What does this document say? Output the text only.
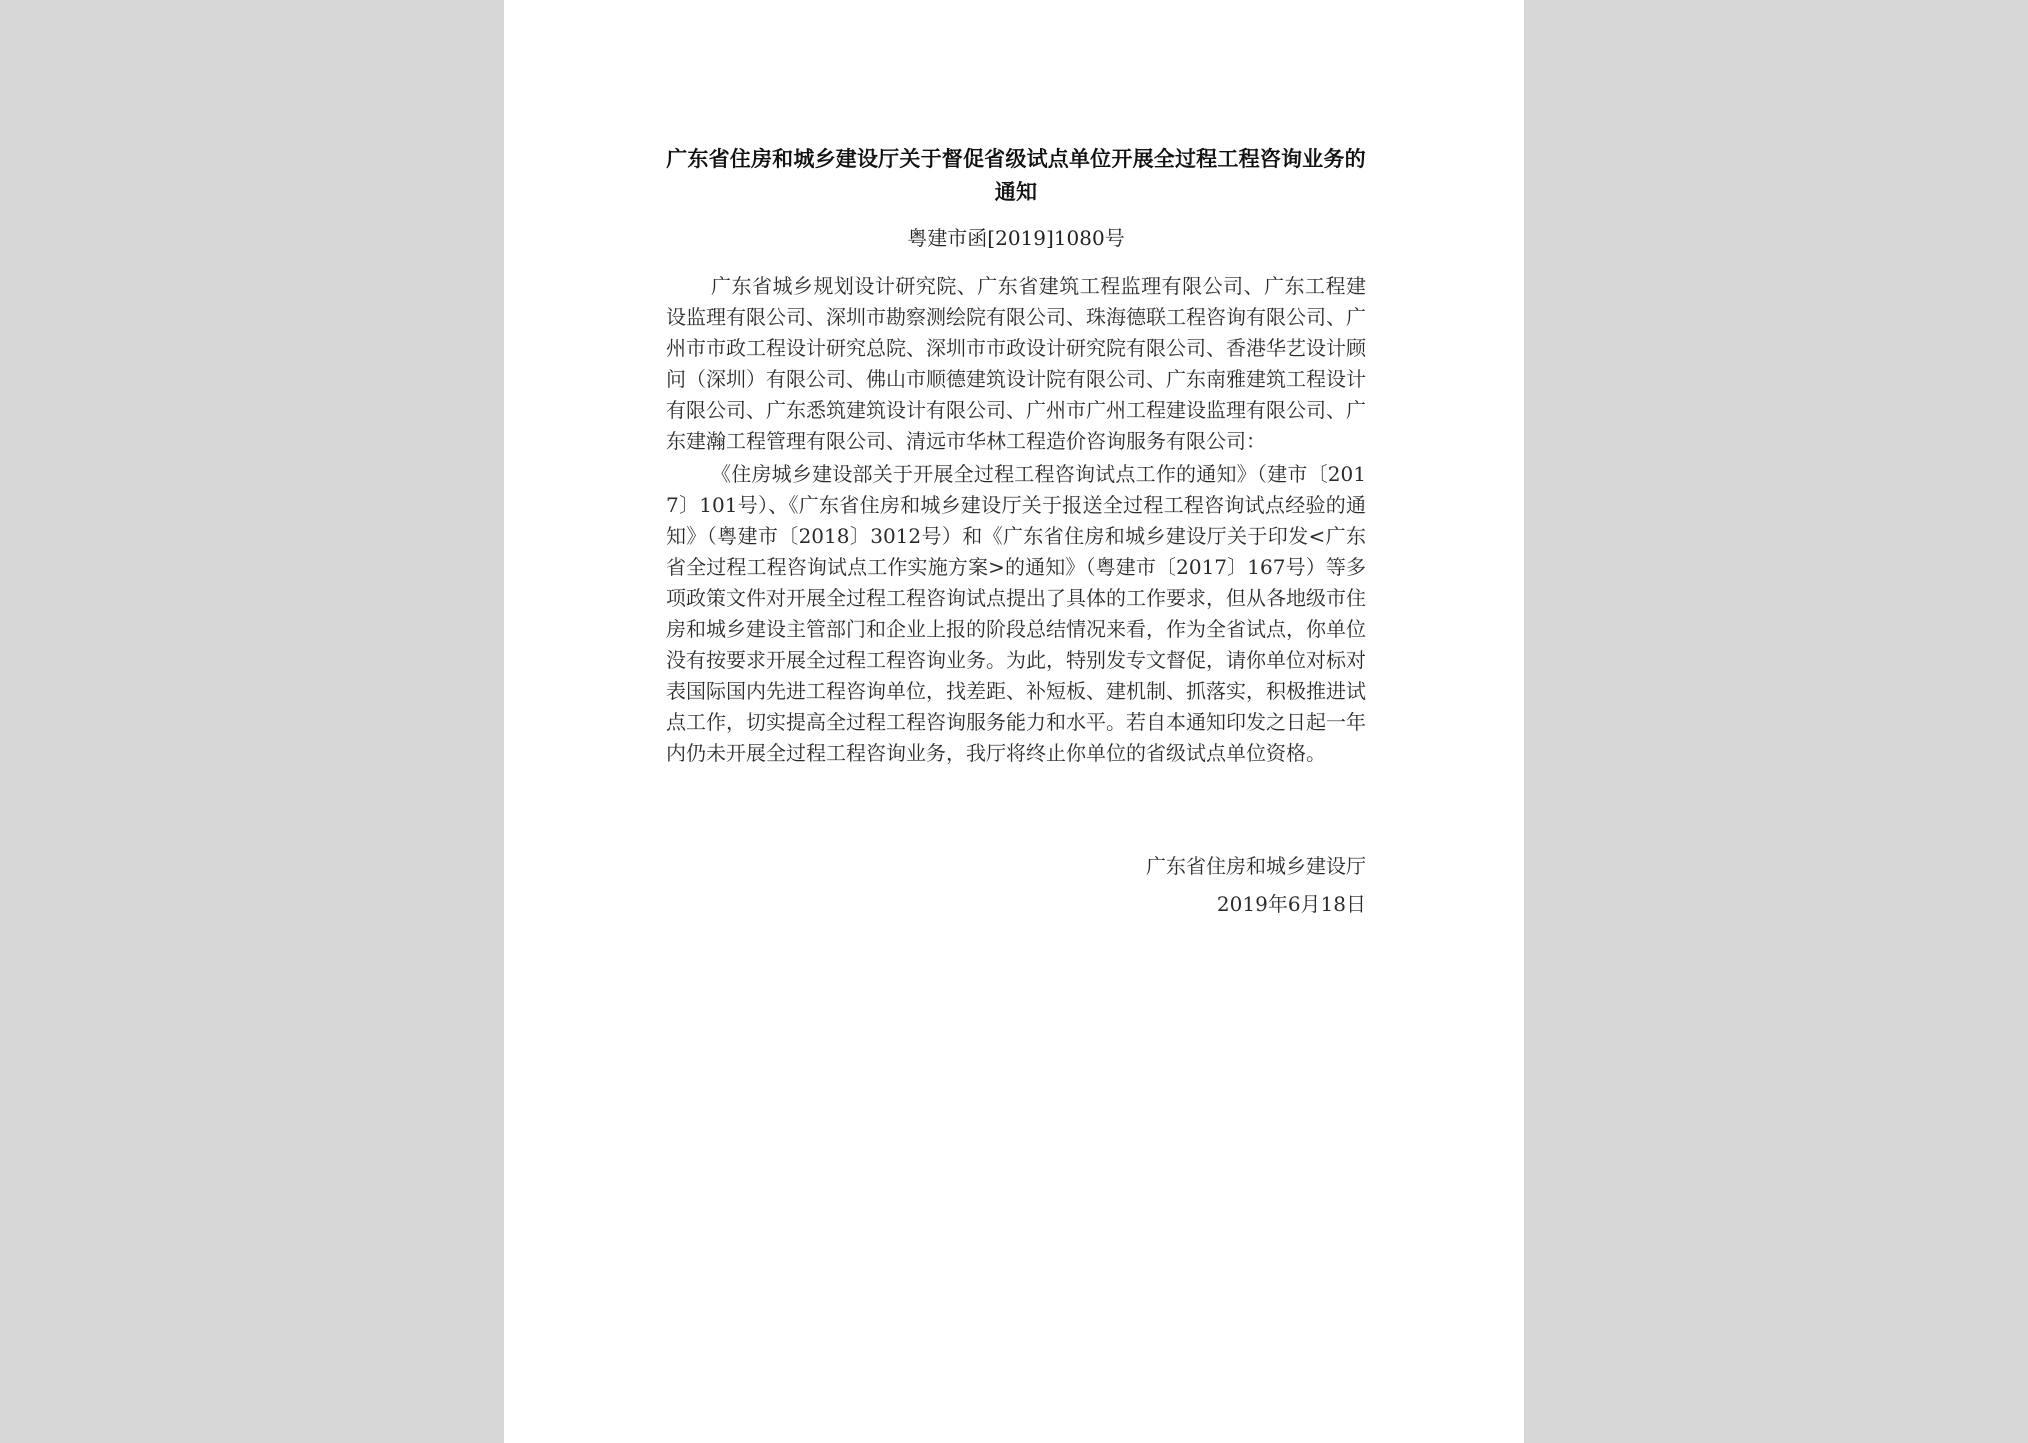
广东省住房和城乡建设厅关于督促省级试点单位开展全过程工程咨询业务的通知
粤建市函[2019]1080号

广东省城乡规划设计研究院、广东省建筑工程监理有限公司、广东工程建设监理有限公司、深圳市勘察测绘院有限公司、珠海德联工程咨询有限公司、广州市市政工程设计研究总院、深圳市市政设计研究院有限公司、香港华艺设计顾问（深圳）有限公司、佛山市顺德建筑设计院有限公司、广东南雅建筑工程设计有限公司、广东悉筑建筑设计有限公司、广州市广州工程建设监理有限公司、广东建瀚工程管理有限公司、清远市华林工程造价咨询服务有限公司：

《住房城乡建设部关于开展全过程工程咨询试点工作的通知》（建市〔2017〕101号）、《广东省住房和城乡建设厅关于报送全过程工程咨询试点经验的通知》（粤建市〔2018〕3012号）和《广东省住房和城乡建设厅关于印发<广东省全过程工程咨询试点工作实施方案>的通知》（粤建市〔2017〕167号）等多项政策文件对开展全过程工程咨询试点提出了具体的工作要求，但从各地级市住房和城乡建设主管部门和企业上报的阶段总结情况来看，作为全省试点，你单位没有按要求开展全过程工程咨询业务。为此，特别发专文督促，请你单位对标对表国际国内先进工程咨询单位，找差距、补短板、建机制、抓落实，积极推进试点工作，切实提高全过程工程咨询服务能力和水平。若自本通知印发之日起一年内仍未开展全过程工程咨询业务，我厅将终止你单位的省级试点单位资格。

广东省住房和城乡建设厅
2019年6月18日
